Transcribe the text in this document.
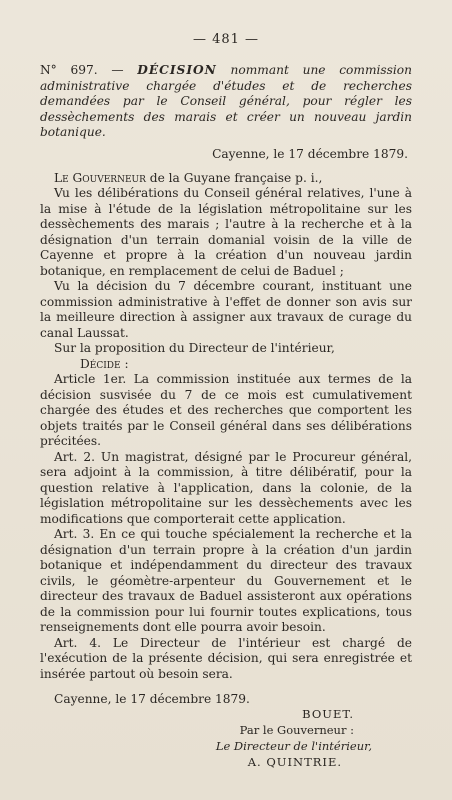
— 481 —
N° 697. — DÉCISION nommant une commission administrative chargée d'études et de recherches demandées par le Conseil général, pour régler les dessèchements des marais et créer un nouveau jardin botanique.
Cayenne, le 17 décembre 1879.

Le Gouverneur de la Guyane française p. i.,

Vu les délibérations du Conseil général relatives, l'une à la mise à l'étude de la législation métropolitaine sur les dessèchements des marais ; l'autre à la recherche et à la désignation d'un terrain domanial voisin de la ville de Cayenne et propre à la création d'un nouveau jardin botanique, en remplacement de celui de Baduel ;

Vu la décision du 7 décembre courant, instituant une commission administrative à l'effet de donner son avis sur la meilleure direction à assigner aux travaux de curage du canal Laussat.

Sur la proposition du Directeur de l'intérieur,

Décide :

Article 1er. La commission instituée aux termes de la décision susvisée du 7 de ce mois est cumulativement chargée des études et des recherches que comportent les objets traités par le Conseil général dans ses délibérations précitées.

Art. 2. Un magistrat, désigné par le Procureur général, sera adjoint à la commission, à titre délibératif, pour la question relative à l'application, dans la colonie, de la législation métropolitaine sur les dessèchements avec les modifications que comporterait cette application.

Art. 3. En ce qui touche spécialement la recherche et la désignation d'un terrain propre à la création d'un jardin botanique et indépendamment du directeur des travaux civils, le géomètre-arpenteur du Gouvernement et le directeur des travaux de Baduel assisteront aux opérations de la commission pour lui fournir toutes explications, tous renseignements dont elle pourra avoir besoin.

Art. 4. Le Directeur de l'intérieur est chargé de l'exécution de la présente décision, qui sera enregistrée et insérée partout où besoin sera.

Cayenne, le 17 décembre 1879.
BOUET.
Par le Gouverneur :
Le Directeur de l'intérieur,
A. QUINTRIE.
